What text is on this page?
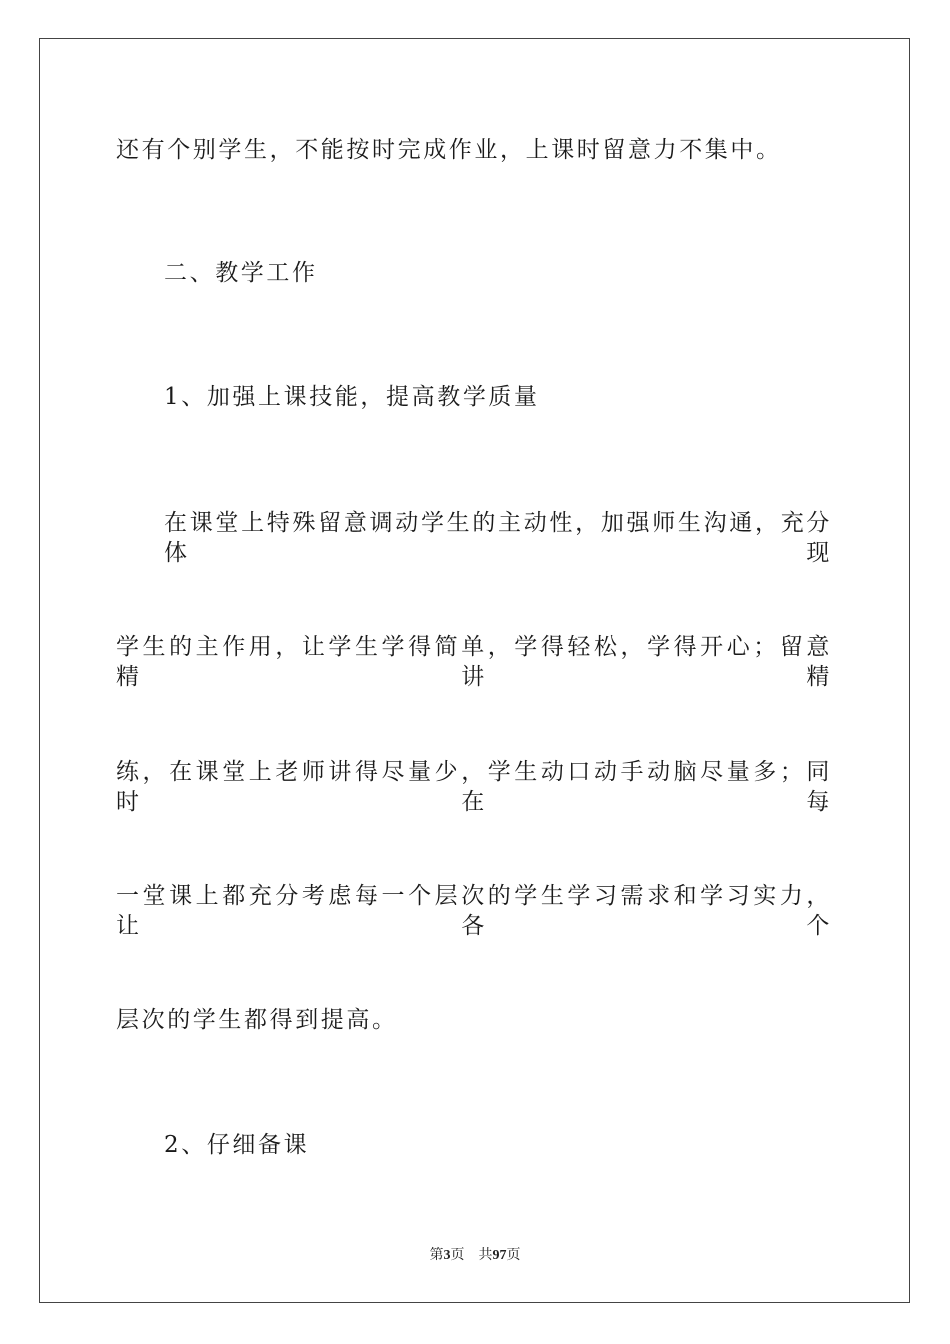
还有个别学生，不能按时完成作业，上课时留意力不集中。
二、教学工作
1、加强上课技能，提高教学质量
在课堂上特殊留意调动学生的主动性，加强师生沟通，充分体现
学生的主作用，让学生学得简单，学得轻松，学得开心；留意精讲精
练，在课堂上老师讲得尽量少，学生动口动手动脑尽量多；同时在每
一堂课上都充分考虑每一个层次的学生学习需求和学习实力，让各个
层次的学生都得到提高。
2、仔细备课
第3页 共97页
